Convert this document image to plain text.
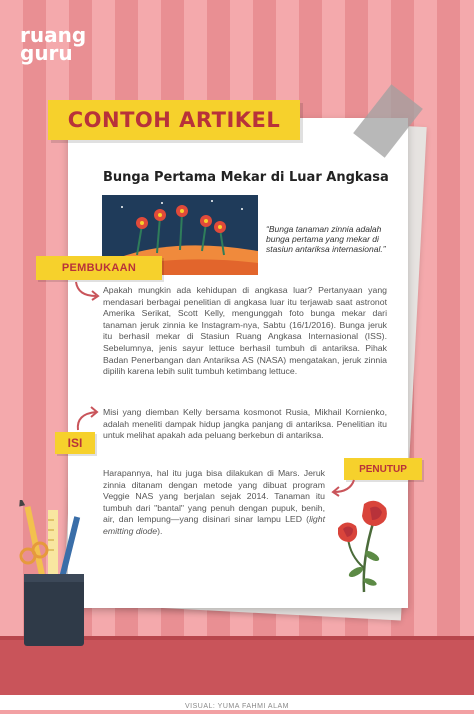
ruang
guru
CONTOH ARTIKEL
Bunga Pertama Mekar di Luar Angkasa
“Bunga tanaman zinnia adalah bunga pertama yang mekar di stasiun antariksa internasional.”
PEMBUKAAN

Apakah mungkin ada kehidupan di angkasa luar? Pertanyaan yang mendasari berbagai penelitian di angkasa luar itu terjawab saat astronot Amerika Serikat, Scott Kelly, mengunggah foto bunga mekar dari tanaman jeruk zinnia ke Instagram-nya, Sabtu (16/1/2016). Bunga jeruk itu berhasil mekar di Stasiun Ruang Angkasa Internasional (ISS). Sebelumnya, jenis sayur lettuce berhasil tumbuh di antariksa. Pihak Badan Penerbangan dan Antariksa AS (NASA) mengatakan, jeruk zinnia dipilih karena lebih sulit tumbuh ketimbang lettuce.

ISI

Misi yang diemban Kelly bersama kosmonot Rusia, Mikhail Kornienko, adalah meneliti dampak hidup jangka panjang di antariksa. Penelitian itu untuk melihat apakah ada peluang berkebun di antariksa.

PENUTUP

Harapannya, hal itu juga bisa dilakukan di Mars. Jeruk zinnia ditanam dengan metode yang dibuat program Veggie NAS yang berjalan sejak 2014. Tanaman itu tumbuh dari "bantal" yang penuh dengan pupuk, benih, air, dan lempung—yang disinari sinar lampu LED (light emitting diode).

VISUAL: YUMA FAHMI ALAM
